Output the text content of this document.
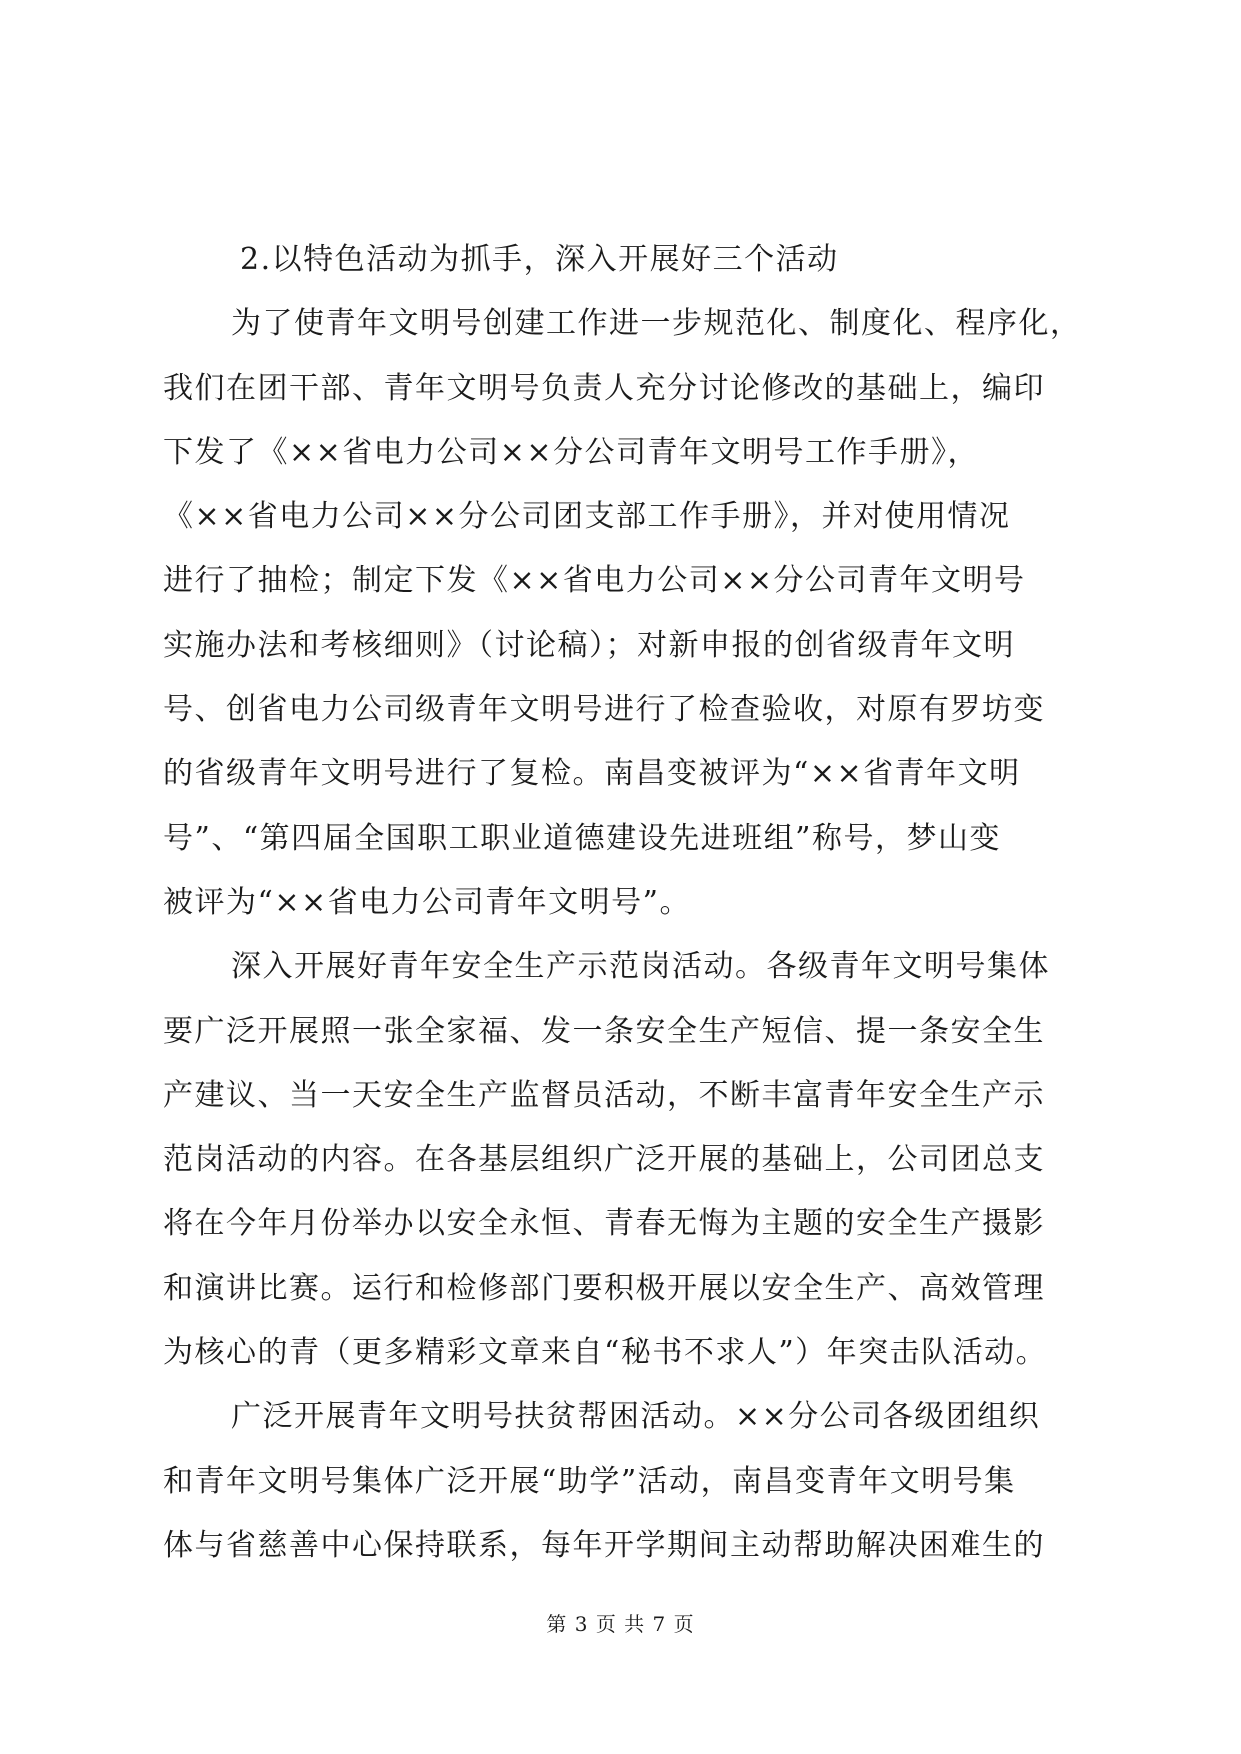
2.以特色活动为抓手，深入开展好三个活动
为了使青年文明号创建工作进一步规范化、制度化、程序化，
我们在团干部、青年文明号负责人充分讨论修改的基础上，编印
下发了《××省电力公司××分公司青年文明号工作手册》，
《××省电力公司××分公司团支部工作手册》，并对使用情况
进行了抽检；制定下发《××省电力公司××分公司青年文明号
实施办法和考核细则》（讨论稿）；对新申报的创省级青年文明
号、创省电力公司级青年文明号进行了检查验收，对原有罗坊变
的省级青年文明号进行了复检。南昌变被评为“××省青年文明
号”、“第四届全国职工职业道德建设先进班组”称号，梦山变
被评为“××省电力公司青年文明号”。
深入开展好青年安全生产示范岗活动。各级青年文明号集体
要广泛开展照一张全家福、发一条安全生产短信、提一条安全生
产建议、当一天安全生产监督员活动，不断丰富青年安全生产示
范岗活动的内容。在各基层组织广泛开展的基础上，公司团总支
将在今年月份举办以安全永恒、青春无悔为主题的安全生产摄影
和演讲比赛。运行和检修部门要积极开展以安全生产、高效管理
为核心的青（更多精彩文章来自“秘书不求人”）年突击队活动。
广泛开展青年文明号扶贫帮困活动。××分公司各级团组织
和青年文明号集体广泛开展“助学”活动，南昌变青年文明号集
体与省慈善中心保持联系，每年开学期间主动帮助解决困难生的
第 3 页 共 7 页
